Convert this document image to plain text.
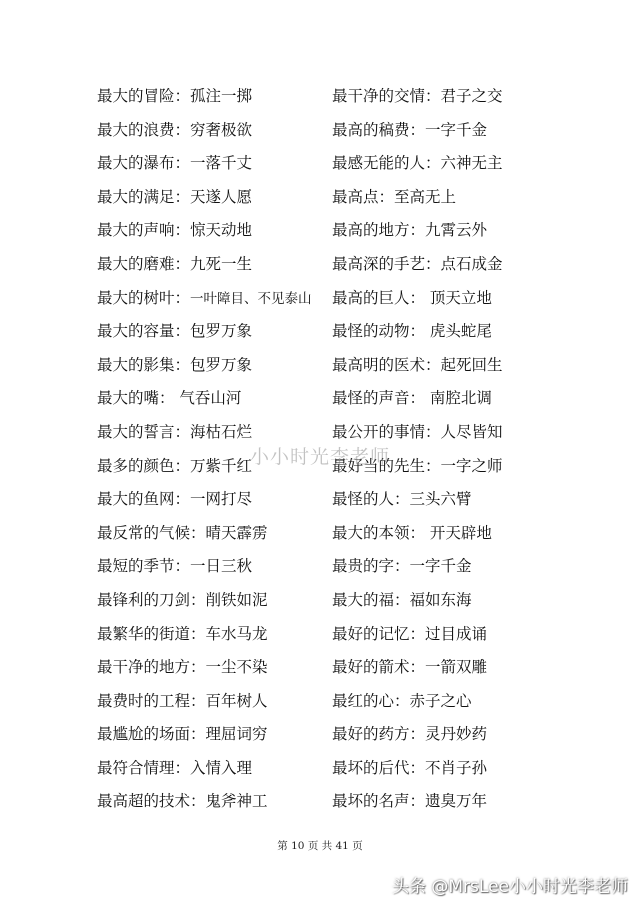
最大的冒险：孤注一掷
最大的浪费：穷奢极欲
最大的瀑布：一落千丈
最大的满足：天遂人愿
最大的声响：惊天动地
最大的磨难：九死一生
最大的树叶：一叶障目、不见泰山
最大的容量：包罗万象
最大的影集：包罗万象
最大的嘴： 气吞山河
最大的誓言：海枯石烂
最多的颜色：万紫千红
最大的鱼网：一网打尽
最反常的气候：晴天霹雳
最短的季节：一日三秋
最锋利的刀剑：削铁如泥
最繁华的街道：车水马龙
最干净的地方：一尘不染
最费时的工程：百年树人
最尴尬的场面：理屈词穷
最符合情理：入情入理
最高超的技术：鬼斧神工
最干净的交情：君子之交
最高的稿费：一字千金
最感无能的人：六神无主
最高点：至高无上
最高的地方：九霄云外
最高深的手艺：点石成金
最高的巨人： 顶天立地
最怪的动物： 虎头蛇尾
最高明的医术：起死回生
最怪的声音： 南腔北调
最公开的事情：人尽皆知
最好当的先生：一字之师
最怪的人：三头六臂
最大的本领： 开天辟地
最贵的字：一字千金
最大的福：福如东海
最好的记忆：过目成诵
最好的箭术：一箭双雕
最红的心：赤子之心
最好的药方：灵丹妙药
最坏的后代：不肖子孙
最坏的名声：遗臭万年
小小时光李老师
第 10 页 共 41 页
头条 @MrsLee小小时光李老师
